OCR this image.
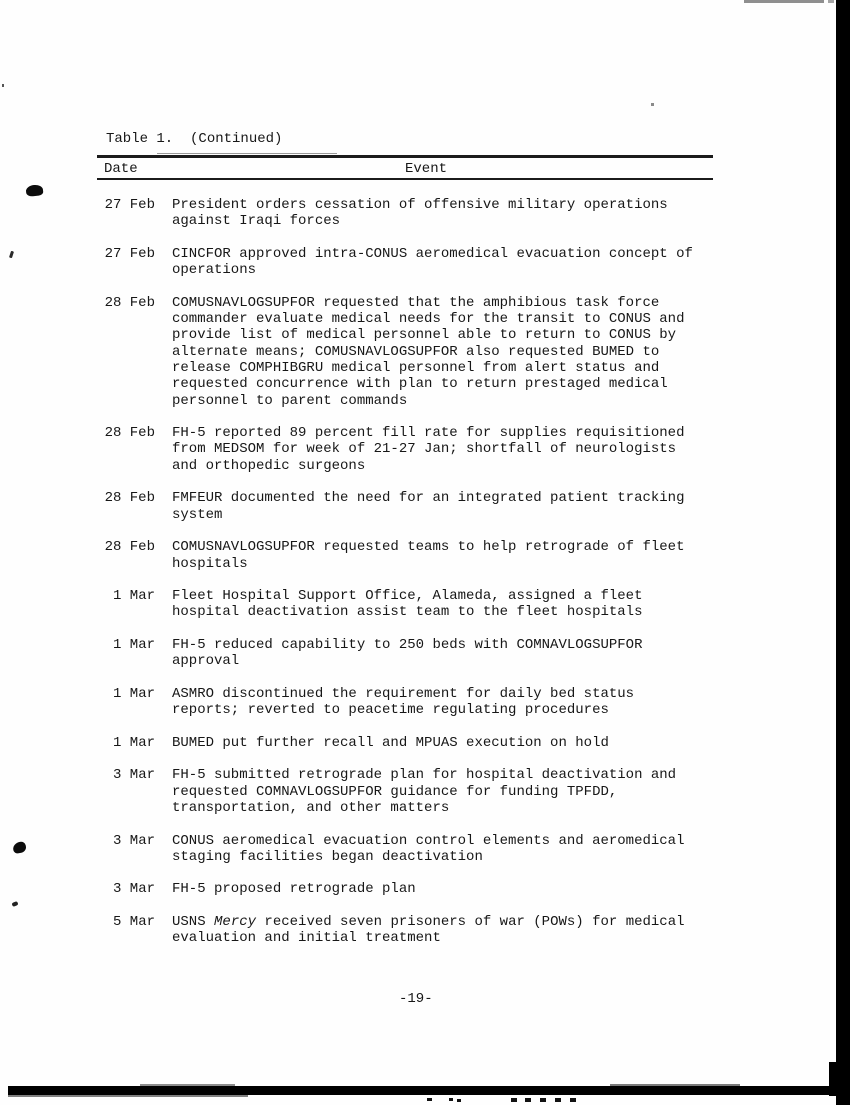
Table 1.  (Continued)
Date	Event
27 Feb President orders cessation of offensive military operations
against Iraqi forces
27 Feb CINCFOR approved intra-CONUS aeromedical evacuation concept of
operations
28 Feb COMUSNAVLOGSUPFOR requested that the amphibious task force
commander evaluate medical needs for the transit to CONUS and
provide list of medical personnel able to return to CONUS by
alternate means; COMUSNAVLOGSUPFOR also requested BUMED to
release COMPHIBGRU medical personnel from alert status and
requested concurrence with plan to return prestaged medical
personnel to parent commands
28 Feb FH-5 reported 89 percent fill rate for supplies requisitioned
from MEDSOM for week of 21-27 Jan; shortfall of neurologists
and orthopedic surgeons
28 Feb FMFEUR documented the need for an integrated patient tracking
system
28 Feb COMUSNAVLOGSUPFOR requested teams to help retrograde of fleet
hospitals
1 Mar Fleet Hospital Support Office, Alameda, assigned a fleet
hospital deactivation assist team to the fleet hospitals
1 Mar FH-5 reduced capability to 250 beds with COMNAVLOGSUPFOR
approval
1 Mar ASMRO discontinued the requirement for daily bed status
reports; reverted to peacetime regulating procedures
1 Mar BUMED put further recall and MPUAS execution on hold
3 Mar FH-5 submitted retrograde plan for hospital deactivation and
requested COMNAVLOGSUPFOR guidance for funding TPFDD,
transportation, and other matters
3 Mar CONUS aeromedical evacuation control elements and aeromedical
staging facilities began deactivation
3 Mar FH-5 proposed retrograde plan
5 Mar USNS Mercy received seven prisoners of war (POWs) for medical
evaluation and initial treatment
-19-
